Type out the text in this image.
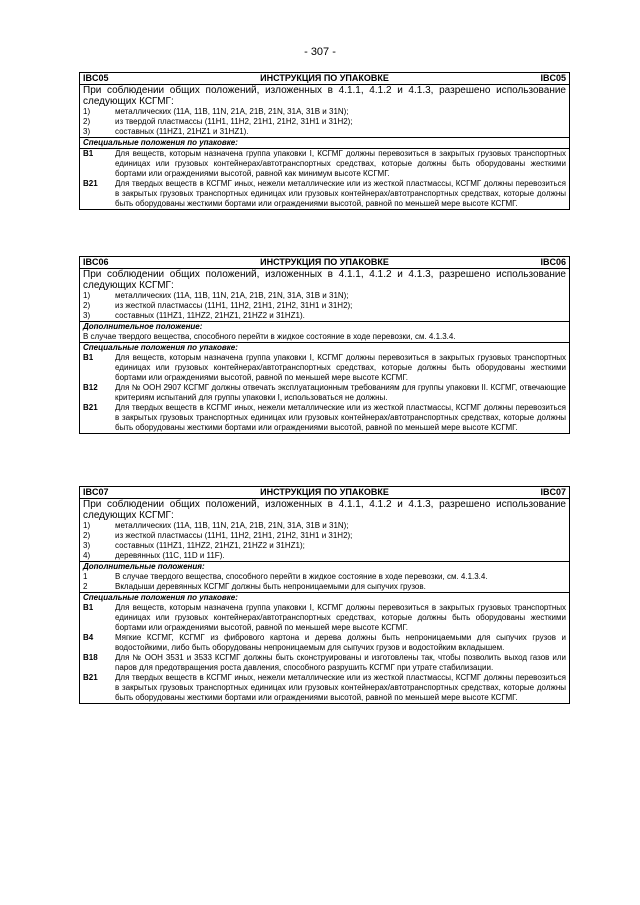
- 307 -
IBC05	ИНСТРУКЦИЯ ПО УПАКОВКЕ	IBC05

При соблюдении общих положений, изложенных в 4.1.1, 4.1.2 и 4.1.3, разрешено использование следующих КСГМГ:
1)	металлических (11A, 11B, 11N, 21A, 21B, 21N, 31A, 31B и 31N);
2)	из твердой пластмассы (11H1, 11H2, 21H1, 21H2, 31H1 и 31H2);
3)	составных (11HZ1, 21HZ1 и 31HZ1).

Специальные положения по упаковке:

B1	Для веществ, которым назначена группа упаковки I, КСГМГ должны перевозиться в закрытых грузовых транспортных единицах или грузовых контейнерах/автотранспортных средствах, которые должны быть оборудованы жесткими бортами или ограждениями высотой, равной как минимум высоте КСГМГ.
B21	Для твердых веществ в КСГМГ иных, нежели металлические или из жесткой пластмассы, КСГМГ должны перевозиться в закрытых грузовых транспортных единицах или грузовых контейнерах/автотранспортных средствах, которые должны быть оборудованы жесткими бортами или ограждениями высотой, равной по меньшей мере высоте КСГМГ.
IBC06	ИНСТРУКЦИЯ ПО УПАКОВКЕ	IBC06

При соблюдении общих положений, изложенных в 4.1.1, 4.1.2 и 4.1.3, разрешено использование следующих КСГМГ:
1)	металлических (11A, 11B, 11N, 21A, 21B, 21N, 31A, 31B и 31N);
2)	из жесткой пластмассы (11H1, 11H2, 21H1, 21H2, 31H1 и 31H2);
3)	составных (11HZ1, 11HZ2, 21HZ1, 21HZ2 и 31HZ1).

Дополнительное положение:
В случае твердого вещества, способного перейти в жидкое состояние в ходе перевозки, см. 4.1.3.4.

Специальные положения по упаковке:
B1	Для веществ, которым назначена группа упаковки I, КСГМГ должны перевозиться в закрытых грузовых транспортных единицах или грузовых контейнерах/автотранспортных средствах, которые должны быть оборудованы жесткими бортами или ограждениями высотой, равной по меньшей мере высоте КСГМГ.
B12	Для № ООН 2907 КСГМГ должны отвечать эксплуатационным требованиям для группы упаковки II. КСГМГ, отвечающие критериям испытаний для группы упаковки I, использоваться не должны.
B21	Для твердых веществ в КСГМГ иных, нежели металлические или из жесткой пластмассы, КСГМГ должны перевозиться в закрытых грузовых транспортных единицах или грузовых контейнерах/автотранспортных средствах, которые должны быть оборудованы жесткими бортами или ограждениями высотой, равной по меньшей мере высоте КСГМГ.
IBC07	ИНСТРУКЦИЯ ПО УПАКОВКЕ	IBC07

При соблюдении общих положений, изложенных в 4.1.1, 4.1.2 и 4.1.3, разрешено использование следующих КСГМГ:
1)	металлических (11A, 11B, 11N, 21A, 21B, 21N, 31A, 31B и 31N);
2)	из жесткой пластмассы (11H1, 11H2, 21H1, 21H2, 31H1 и 31H2);
3)	составных (11HZ1, 11HZ2, 21HZ1, 21HZ2 и 31HZ1);
4)	деревянных (11C, 11D и 11F).

Дополнительные положения:
1	В случае твердого вещества, способного перейти в жидкое состояние в ходе перевозки, см. 4.1.3.4.
2	Вкладыши деревянных КСГМГ должны быть непроницаемыми для сыпучих грузов.

Специальные положения по упаковке:
B1	Для веществ, которым назначена группа упаковки I, КСГМГ должны перевозиться в закрытых грузовых транспортных единицах или грузовых контейнерах/автотранспортных средствах, которые должны быть оборудованы жесткими бортами или ограждениями высотой, равной по меньшей мере высоте КСГМГ.
B4	Мягкие КСГМГ, КСГМГ из фибрового картона и дерева должны быть непроницаемыми для сыпучих грузов и водостойкими, либо быть оборудованы непроницаемым для сыпучих грузов и водостойким вкладышем.
B18	Для № ООН 3531 и 3533 КСГМГ должны быть сконструированы и изготовлены так, чтобы позволить выход газов или паров для предотвращения роста давления, способного разрушить КСГМГ при утрате стабилизации.
B21	Для твердых веществ в КСГМГ иных, нежели металлические или из жесткой пластмассы, КСГМГ должны перевозиться в закрытых грузовых транспортных единицах или грузовых контейнерах/автотранспортных средствах, которые должны быть оборудованы жесткими бортами или ограждениями высотой, равной по меньшей мере высоте КСГМГ.
